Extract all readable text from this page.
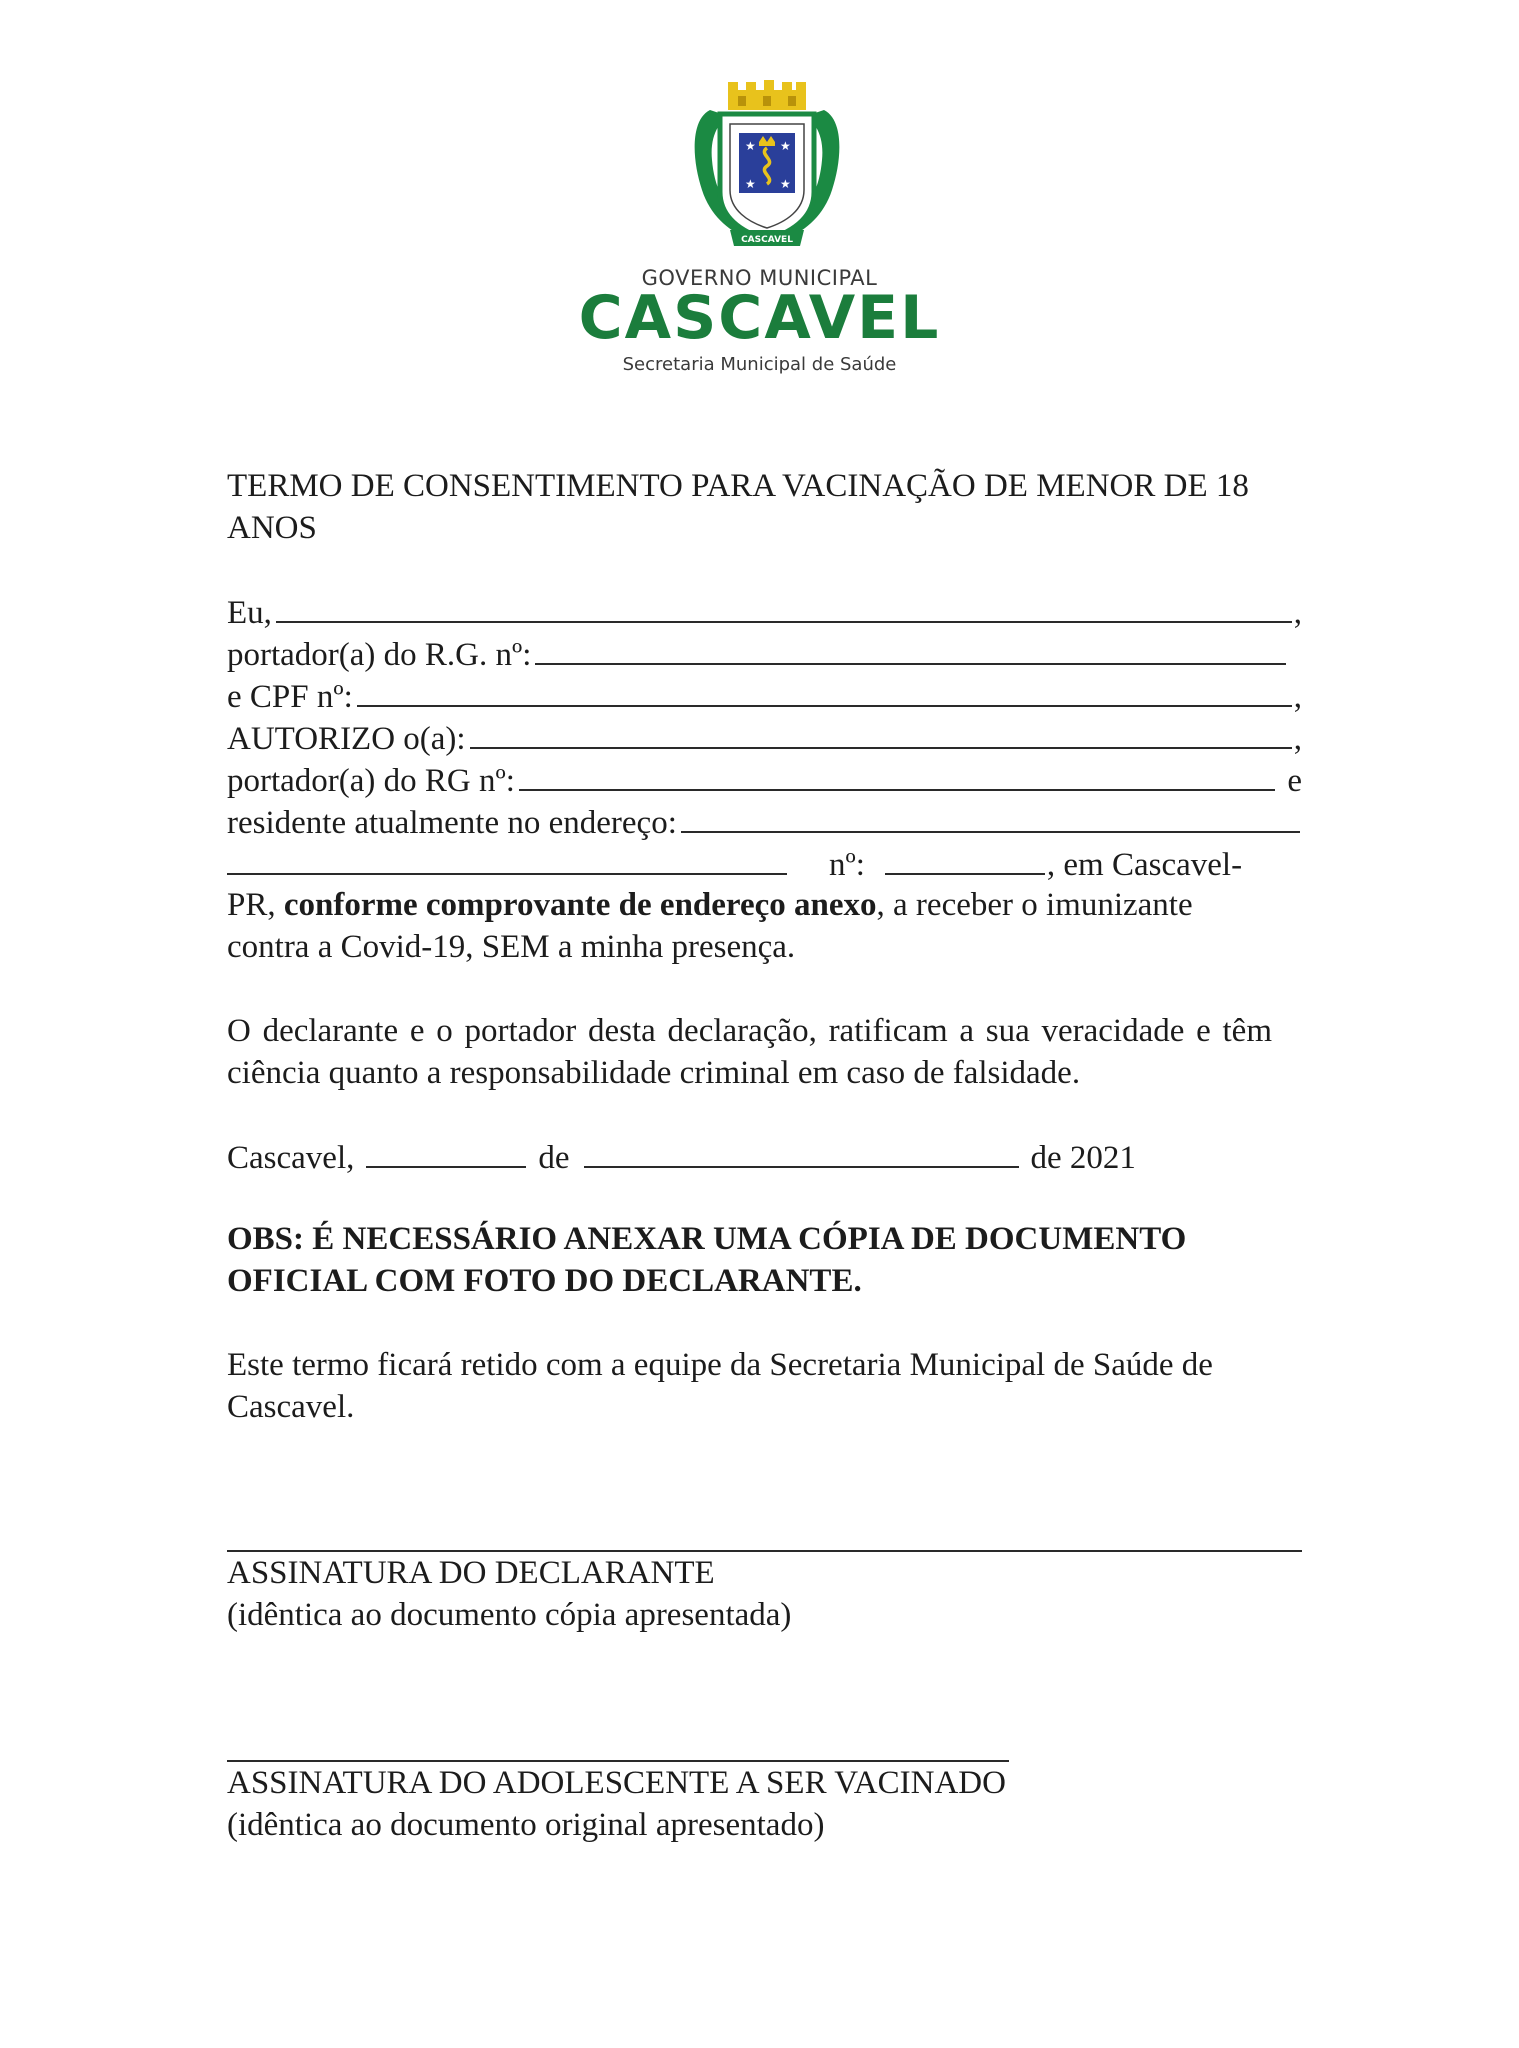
★ ★
★ ★
CASCAVEL
GOVERNO MUNICIPAL
CASCAVEL
Secretaria Municipal de Saúde
TERMO DE CONSENTIMENTO PARA VACINAÇÃO DE MENOR DE 18 ANOS
Eu,	,
portador(a) do R.G. nº:
e CPF nº:	,
AUTORIZO o(a):	,
portador(a) do RG nº:	e
residente atualmente no endereço:
nº:	, em Cascavel-
PR, conforme comprovante de endereço anexo, a receber o imunizante
contra a Covid-19, SEM a minha presença.
O declarante e o portador desta declaração, ratificam a sua veracidade e têm ciência quanto a responsabilidade criminal em caso de falsidade.
Cascavel,	de	de 2021
OBS: É NECESSÁRIO ANEXAR UMA CÓPIA DE DOCUMENTO OFICIAL COM FOTO DO DECLARANTE.
Este termo ficará retido com a equipe da Secretaria Municipal de Saúde de Cascavel.
ASSINATURA DO DECLARANTE
(idêntica ao documento cópia apresentada)
ASSINATURA DO ADOLESCENTE A SER VACINADO
(idêntica ao documento original apresentado)
